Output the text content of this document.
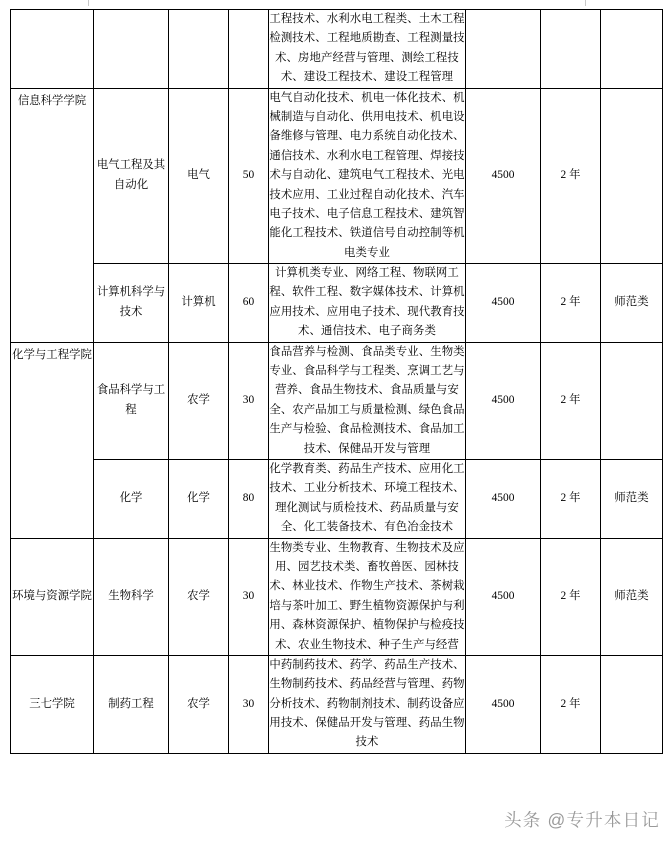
				工程技术、水利水电工程类、土木工程检测技术、工程地质勘查、工程测量技术、房地产经营与管理、测绘工程技术、建设工程技术、建设工程管理			
信息科学学院	电气工程及其自动化	电气	50	电气自动化技术、机电一体化技术、机械制造与自动化、供用电技术、机电设备维修与管理、电力系统自动化技术、通信技术、水利水电工程管理、焊接技术与自动化、建筑电气工程技术、光电技术应用、工业过程自动化技术、汽车电子技术、电子信息工程技术、建筑智能化工程技术、铁道信号自动控制等机电类专业	4500	2 年	
	计算机科学与技术	计算机	60	计算机类专业、网络工程、物联网工程、软件工程、数字媒体技术、计算机应用技术、应用电子技术、现代教育技术、通信技术、电子商务类	4500	2 年	师范类
化学与工程学院	食品科学与工程	农学	30	食品营养与检测、食品类专业、生物类专业、食品科学与工程类、烹调工艺与营养、食品生物技术、食品质量与安全、农产品加工与质量检测、绿色食品生产与检验、食品检测技术、食品加工技术、保健品开发与管理	4500	2 年	
	化学	化学	80	化学教育类、药品生产技术、应用化工技术、工业分析技术、环境工程技术、理化测试与质检技术、药品质量与安全、化工装备技术、有色冶金技术	4500	2 年	师范类
环境与资源学院	生物科学	农学	30	生物类专业、生物教育、生物技术及应用、园艺技术类、畜牧兽医、园林技术、林业技术、作物生产技术、茶树栽培与茶叶加工、野生植物资源保护与利用、森林资源保护、植物保护与检疫技术、农业生物技术、种子生产与经营	4500	2 年	师范类
三七学院	制药工程	农学	30	中药制药技术、药学、药品生产技术、生物制药技术、药品经营与管理、药物分析技术、药物制剂技术、制药设备应用技术、保健品开发与管理、药品生物技术	4500	2 年	
头条 @专升本日记
